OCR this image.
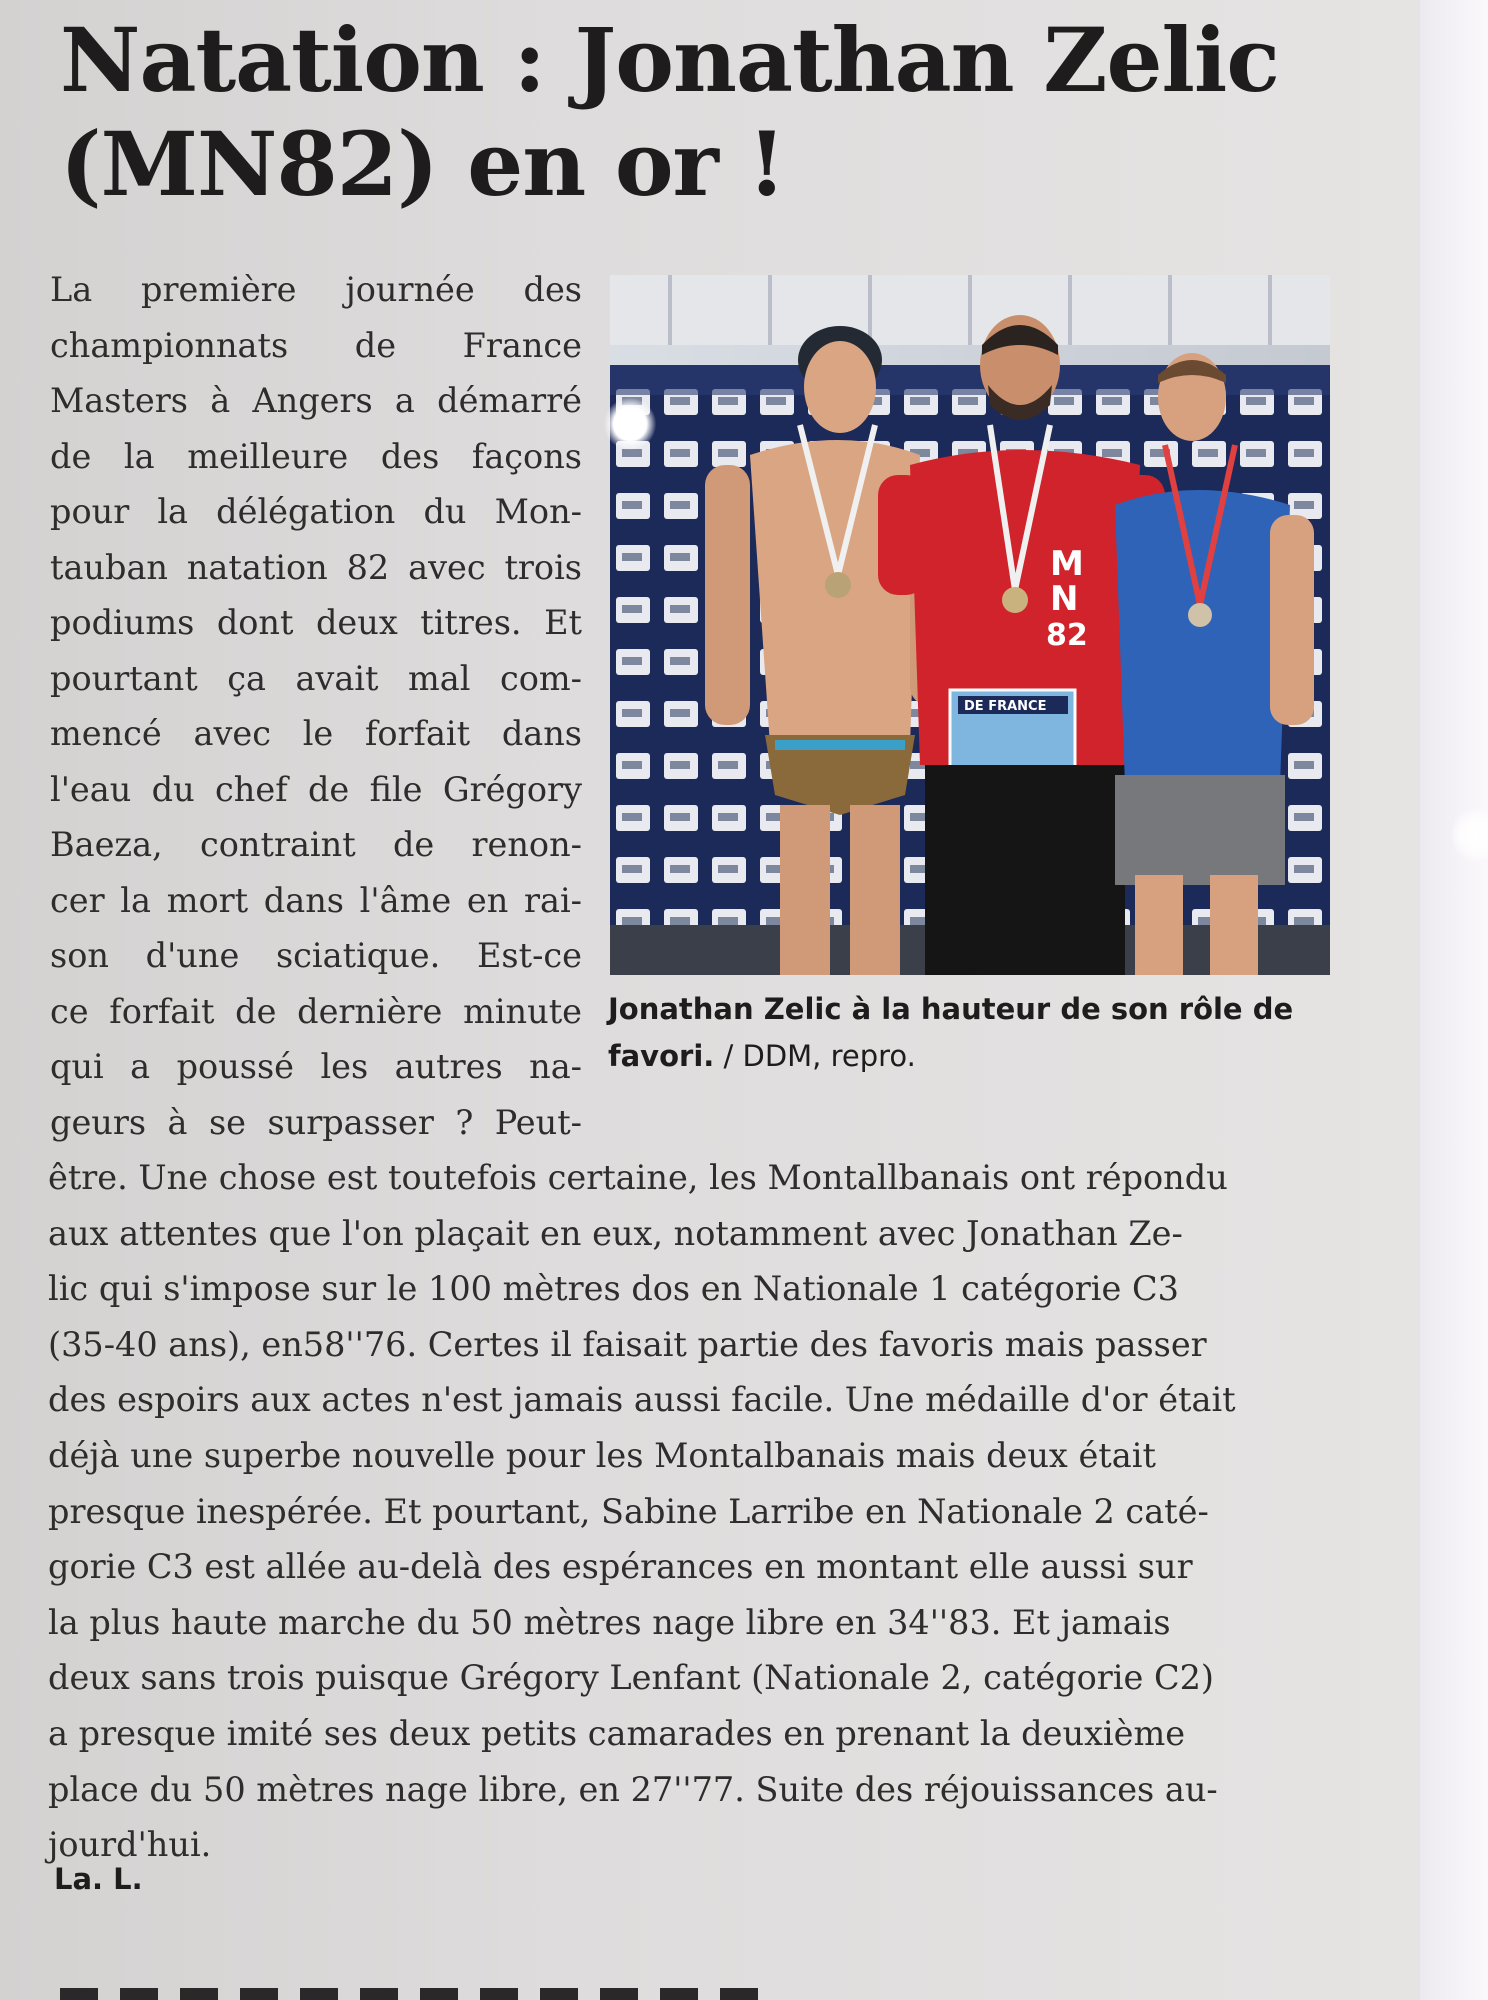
Natation : Jonathan Zelic
(MN82) en or !

La première journée des
championnats de France
Masters à Angers a démarré
de la meilleure des façons
pour la délégation du Mon-
tauban natation 82 avec trois
podiums dont deux titres. Et
pourtant ça avait mal com-
mencé avec le forfait dans
l'eau du chef de file Grégory
Baeza, contraint de renon-
cer la mort dans l'âme en rai-
son d'une sciatique. Est-ce
ce forfait de dernière minute
qui a poussé les autres na-
geurs à se surpasser ? Peut-

M
N
82
DE FRANCE

Jonathan Zelic à la hauteur de son rôle de
favori. / DDM, repro.

être. Une chose est toutefois certaine, les Montallbanais ont répondu
aux attentes que l'on plaçait en eux, notamment avec Jonathan Ze-
lic qui s'impose sur le 100 mètres dos en Nationale 1 catégorie C3
(35-40 ans), en58''76. Certes il faisait partie des favoris mais passer
des espoirs aux actes n'est jamais aussi facile. Une médaille d'or était
déjà une superbe nouvelle pour les Montalbanais mais deux était
presque inespérée. Et pourtant, Sabine Larribe en Nationale 2 caté-
gorie C3 est allée au-delà des espérances en montant elle aussi sur
la plus haute marche du 50 mètres nage libre en 34''83. Et jamais
deux sans trois puisque Grégory Lenfant (Nationale 2, catégorie C2)
a presque imité ses deux petits camarades en prenant la deuxième
place du 50 mètres nage libre, en 27''77. Suite des réjouissances au-
jourd'hui.

La. L.
